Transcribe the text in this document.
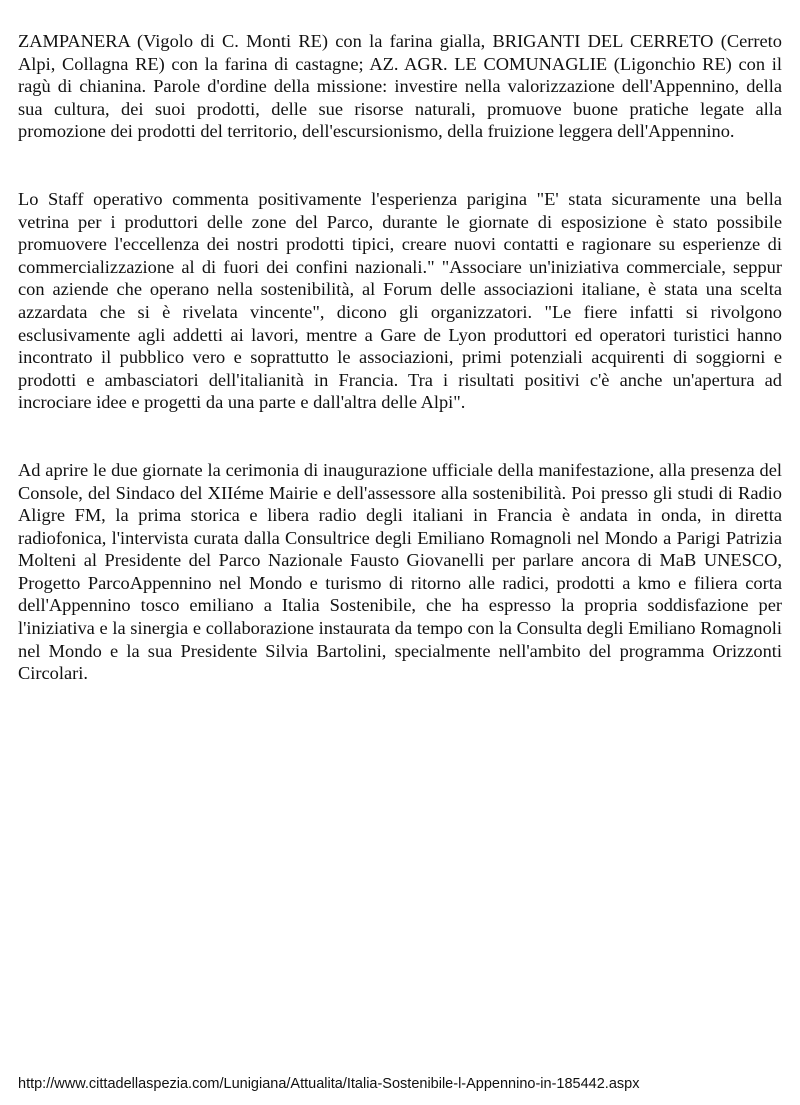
ZAMPANERA (Vigolo di C. Monti RE) con la farina gialla, BRIGANTI DEL CERRETO (Cerreto Alpi, Collagna RE) con la farina di castagne; AZ. AGR. LE COMUNAGLIE (Ligonchio RE) con il ragù di chianina. Parole d'ordine della missione: investire nella valorizzazione dell'Appennino, della sua cultura, dei suoi prodotti, delle sue risorse naturali, promuove buone pratiche legate alla promozione dei prodotti del territorio, dell'escursionismo, della fruizione leggera dell'Appennino.

Lo Staff operativo commenta positivamente l'esperienza parigina "E' stata sicuramente una bella vetrina per i produttori delle zone del Parco, durante le giornate di esposizione è stato possibile promuovere l'eccellenza dei nostri prodotti tipici, creare nuovi contatti e ragionare su esperienze di commercializzazione al di fuori dei confini nazionali." "Associare un'iniziativa commerciale, seppur con aziende che operano nella sostenibilità, al Forum delle associazioni italiane, è stata una scelta azzardata che si è rivelata vincente", dicono gli organizzatori. "Le fiere infatti si rivolgono esclusivamente agli addetti ai lavori, mentre a Gare de Lyon produttori ed operatori turistici hanno incontrato il pubblico vero e soprattutto le associazioni, primi potenziali acquirenti di soggiorni e prodotti e ambasciatori dell'italianità in Francia. Tra i risultati positivi c'è anche un'apertura ad incrociare idee e progetti da una parte e dall'altra delle Alpi".

Ad aprire le due giornate la cerimonia di inaugurazione ufficiale della manifestazione, alla presenza del Console, del Sindaco del XIIéme Mairie e dell'assessore alla sostenibilità. Poi presso gli studi di Radio Aligre FM, la prima storica e libera radio degli italiani in Francia è andata in onda, in diretta radiofonica, l'intervista curata dalla Consultrice degli Emiliano Romagnoli nel Mondo a Parigi Patrizia Molteni al Presidente del Parco Nazionale Fausto Giovanelli per parlare ancora di MaB UNESCO, Progetto ParcoAppennino nel Mondo e turismo di ritorno alle radici, prodotti a kmo e filiera corta dell'Appennino tosco emiliano a Italia Sostenibile, che ha espresso la propria soddisfazione per l'iniziativa e la sinergia e collaborazione instaurata da tempo con la Consulta degli Emiliano Romagnoli nel Mondo e la sua Presidente Silvia Bartolini, specialmente nell'ambito del programma Orizzonti Circolari.

http://www.cittadellaspezia.com/Lunigiana/Attualita/Italia-Sostenibile-l-Appennino-in-185442.aspx
